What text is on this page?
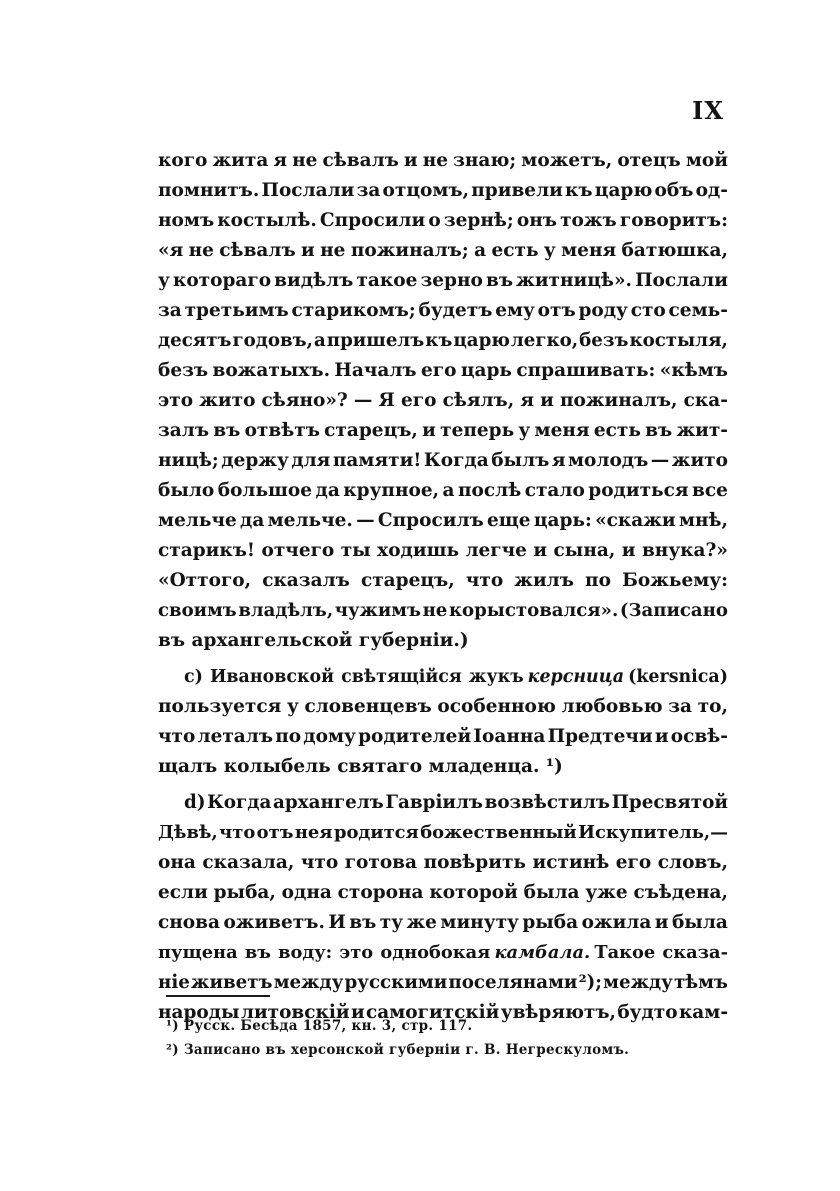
IX
кого жита я не сѣвалъ и не знаю; можетъ, отецъ мой
помнитъ. Послали за отцомъ, привели къ царю объ од-
номъ костылѣ. Спросили о зернѣ; онъ тожъ говоритъ:
«я не сѣвалъ и не пожиналъ; а есть у меня батюшка,
у котораго видѣлъ такое зерно въ житницѣ». Послали
за третьимъ старикомъ; будетъ ему отъ роду сто семь-
десятъ годовъ, а пришелъ къ царю легко, безъ костыля,
безъ вожатыхъ. Началъ его царь спрашивать: «кѣмъ
это жито сѣяно»? — Я его сѣялъ, я и пожиналъ, ска-
залъ въ отвѣтъ старецъ, и теперь у меня есть въ жит-
ницѣ; держу для памяти! Когда былъ я молодъ — жито
было большое да крупное, а послѣ стало родиться все
мельче да мельче. — Спросилъ еще царь: «скажи мнѣ,
старикъ! отчего ты ходишь легче и сына, и внука?»
«Оттого, сказалъ старецъ, что жилъ по Божьему:
своимъ владѣлъ, чужимъ не корыстовался». (Записано
въ архангельской губерніи.)
c) Ивановской свѣтящійся жукъ керсница (kersnica)
пользуется у словенцевъ особенною любовью за то,
что леталъ по дому родителей Іоанна Предтечи и освѣ-
щалъ колыбель святаго младенца. ¹)
d) Когда архангелъ Гавріилъ возвѣстилъ Пресвятой
Дѣвѣ, что отъ нея родится божественный Искупитель,—
она сказала, что готова повѣрить истинѣ его словъ,
если рыба, одна сторона которой была уже съѣдена,
снова оживетъ. И въ ту же минуту рыба ожила и была
пущена въ воду: это однобокая камбала. Такое сказа-
ніе живетъ между русскими поселянами ²); между тѣмъ
народы литовскій и самогитскій увѣряютъ, будто кам-
¹) Русск. Бесѣда 1857, кн. 3, стр. 117.
²) Записано въ херсонской губерніи г. В. Негрескуломъ.
